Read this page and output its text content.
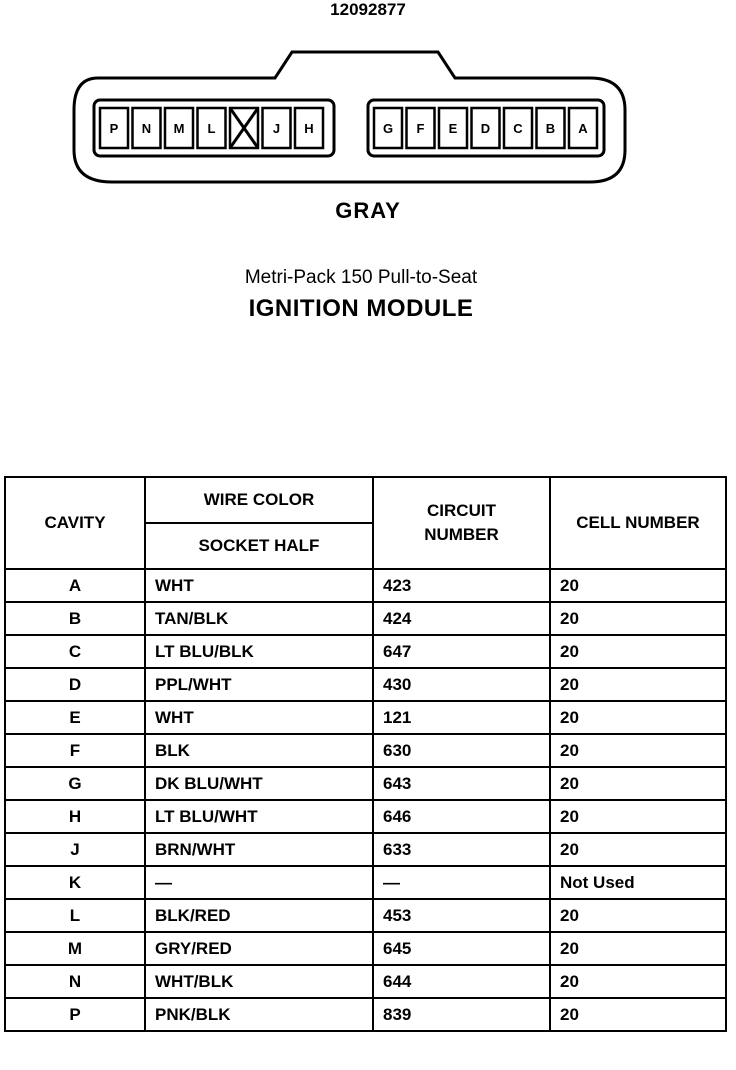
12092877
P N M L	J H	G F E D C B A
GRAY
Metri-Pack 150 Pull-to-Seat
IGNITION MODULE
CAVITY	WIRE COLOR	CIRCUIT NUMBER	CELL NUMBER
	SOCKET HALF		
A	WHT	423	20
B	TAN/BLK	424	20
C	LT BLU/BLK	647	20
D	PPL/WHT	430	20
E	WHT	121	20
F	BLK	630	20
G	DK BLU/WHT	643	20
H	LT BLU/WHT	646	20
J	BRN/WHT	633	20
K	—	—	Not Used
L	BLK/RED	453	20
M	GRY/RED	645	20
N	WHT/BLK	644	20
P	PNK/BLK	839	20
